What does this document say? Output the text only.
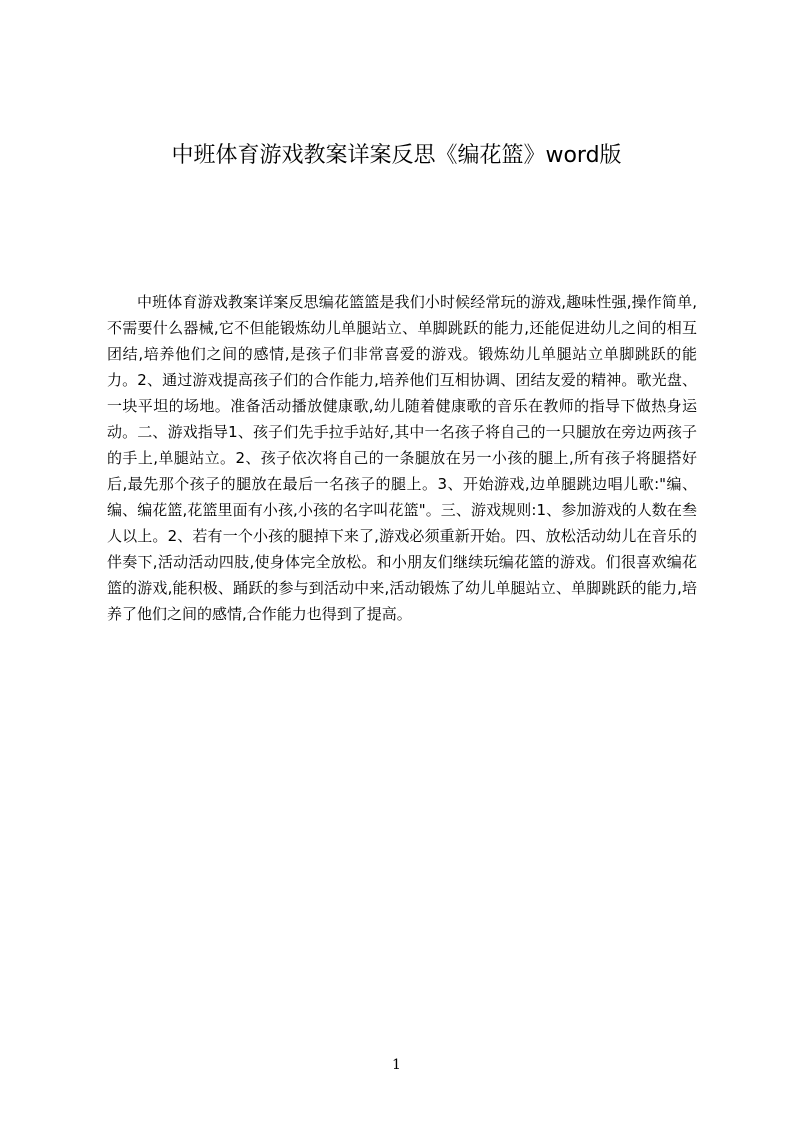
中班体育游戏教案详案反思《编花篮》word版
中班体育游戏教案详案反思编花篮篮是我们小时候经常玩的游戏,趣味性强,操作简单,不需要什么器械,它不但能锻炼幼儿单腿站立、单脚跳跃的能力,还能促进幼儿之间的相互团结,培养他们之间的感情,是孩子们非常喜爱的游戏。锻炼幼儿单腿站立单脚跳跃的能力。2、通过游戏提高孩子们的合作能力,培养他们互相协调、团结友爱的精神。歌光盘、一块平坦的场地。准备活动播放健康歌,幼儿随着健康歌的音乐在教师的指导下做热身运动。二、游戏指导1、孩子们先手拉手站好,其中一名孩子将自己的一只腿放在旁边两孩子的手上,单腿站立。2、孩子依次将自己的一条腿放在另一小孩的腿上,所有孩子将腿搭好后,最先那个孩子的腿放在最后一名孩子的腿上。3、开始游戏,边单腿跳边唱儿歌:"编、编、编花篮,花篮里面有小孩,小孩的名字叫花篮"。三、游戏规则:1、参加游戏的人数在叁人以上。2、若有一个小孩的腿掉下来了,游戏必须重新开始。四、放松活动幼儿在音乐的伴奏下,活动活动四肢,使身体完全放松。和小朋友们继续玩编花篮的游戏。们很喜欢编花篮的游戏,能积极、踊跃的参与到活动中来,活动锻炼了幼儿单腿站立、单脚跳跃的能力,培养了他们之间的感情,合作能力也得到了提高。
1
